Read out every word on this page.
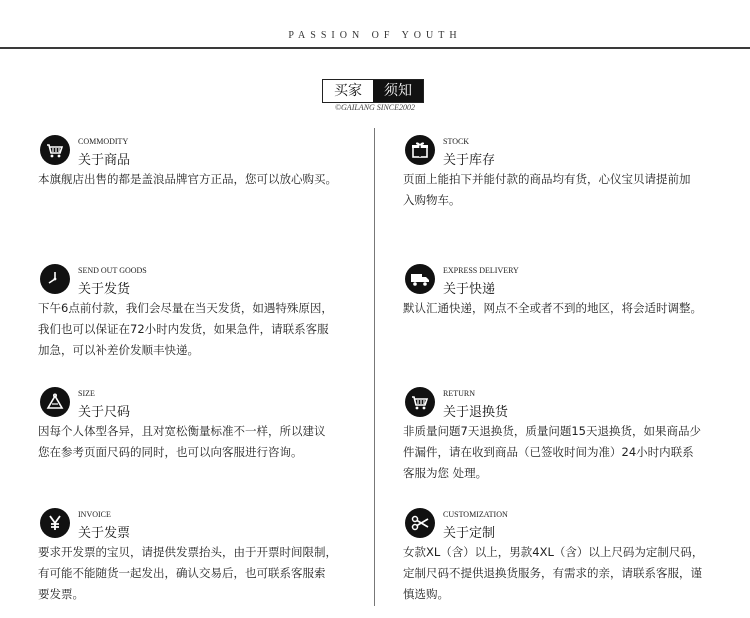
PASSION OF YOUTH
买家	须知
©GAILANG SINCE2002
COMMODITY
关于商品

本旗舰店出售的都是盖浪品牌官方正品，您可以放心购买。

SEND OUT GOODS
关于发货

下午6点前付款，我们会尽量在当天发货，如遇特殊原因，

我们也可以保证在72小时内发货，如果急件，请联系客服

加急，可以补差价发顺丰快递。

SIZE
关于尺码

因每个人体型各异，且对宽松衡量标准不一样，所以建议

您在参考页面尺码的同时，也可以向客服进行咨询。

INVOICE
关于发票

要求开发票的宝贝，请提供发票抬头，由于开票时间限制，

有可能不能随货一起发出，确认交易后，也可联系客服索

要发票。

STOCK
关于库存

页面上能拍下并能付款的商品均有货，心仪宝贝请提前加

入购物车。

EXPRESS DELIVERY
关于快递

默认汇通快递，网点不全或者不到的地区，将会适时调整。

RETURN
关于退换货

非质量问题7天退换货，质量问题15天退换货，如果商品少

件漏件，请在收到商品（已签收时间为准）24小时内联系

客服为您 处理。

CUSTOMIZATION
关于定制

女款XL（含）以上，男款4XL（含）以上尺码为定制尺码，

定制尺码不提供退换货服务，有需求的亲，请联系客服，谨

慎选购。
